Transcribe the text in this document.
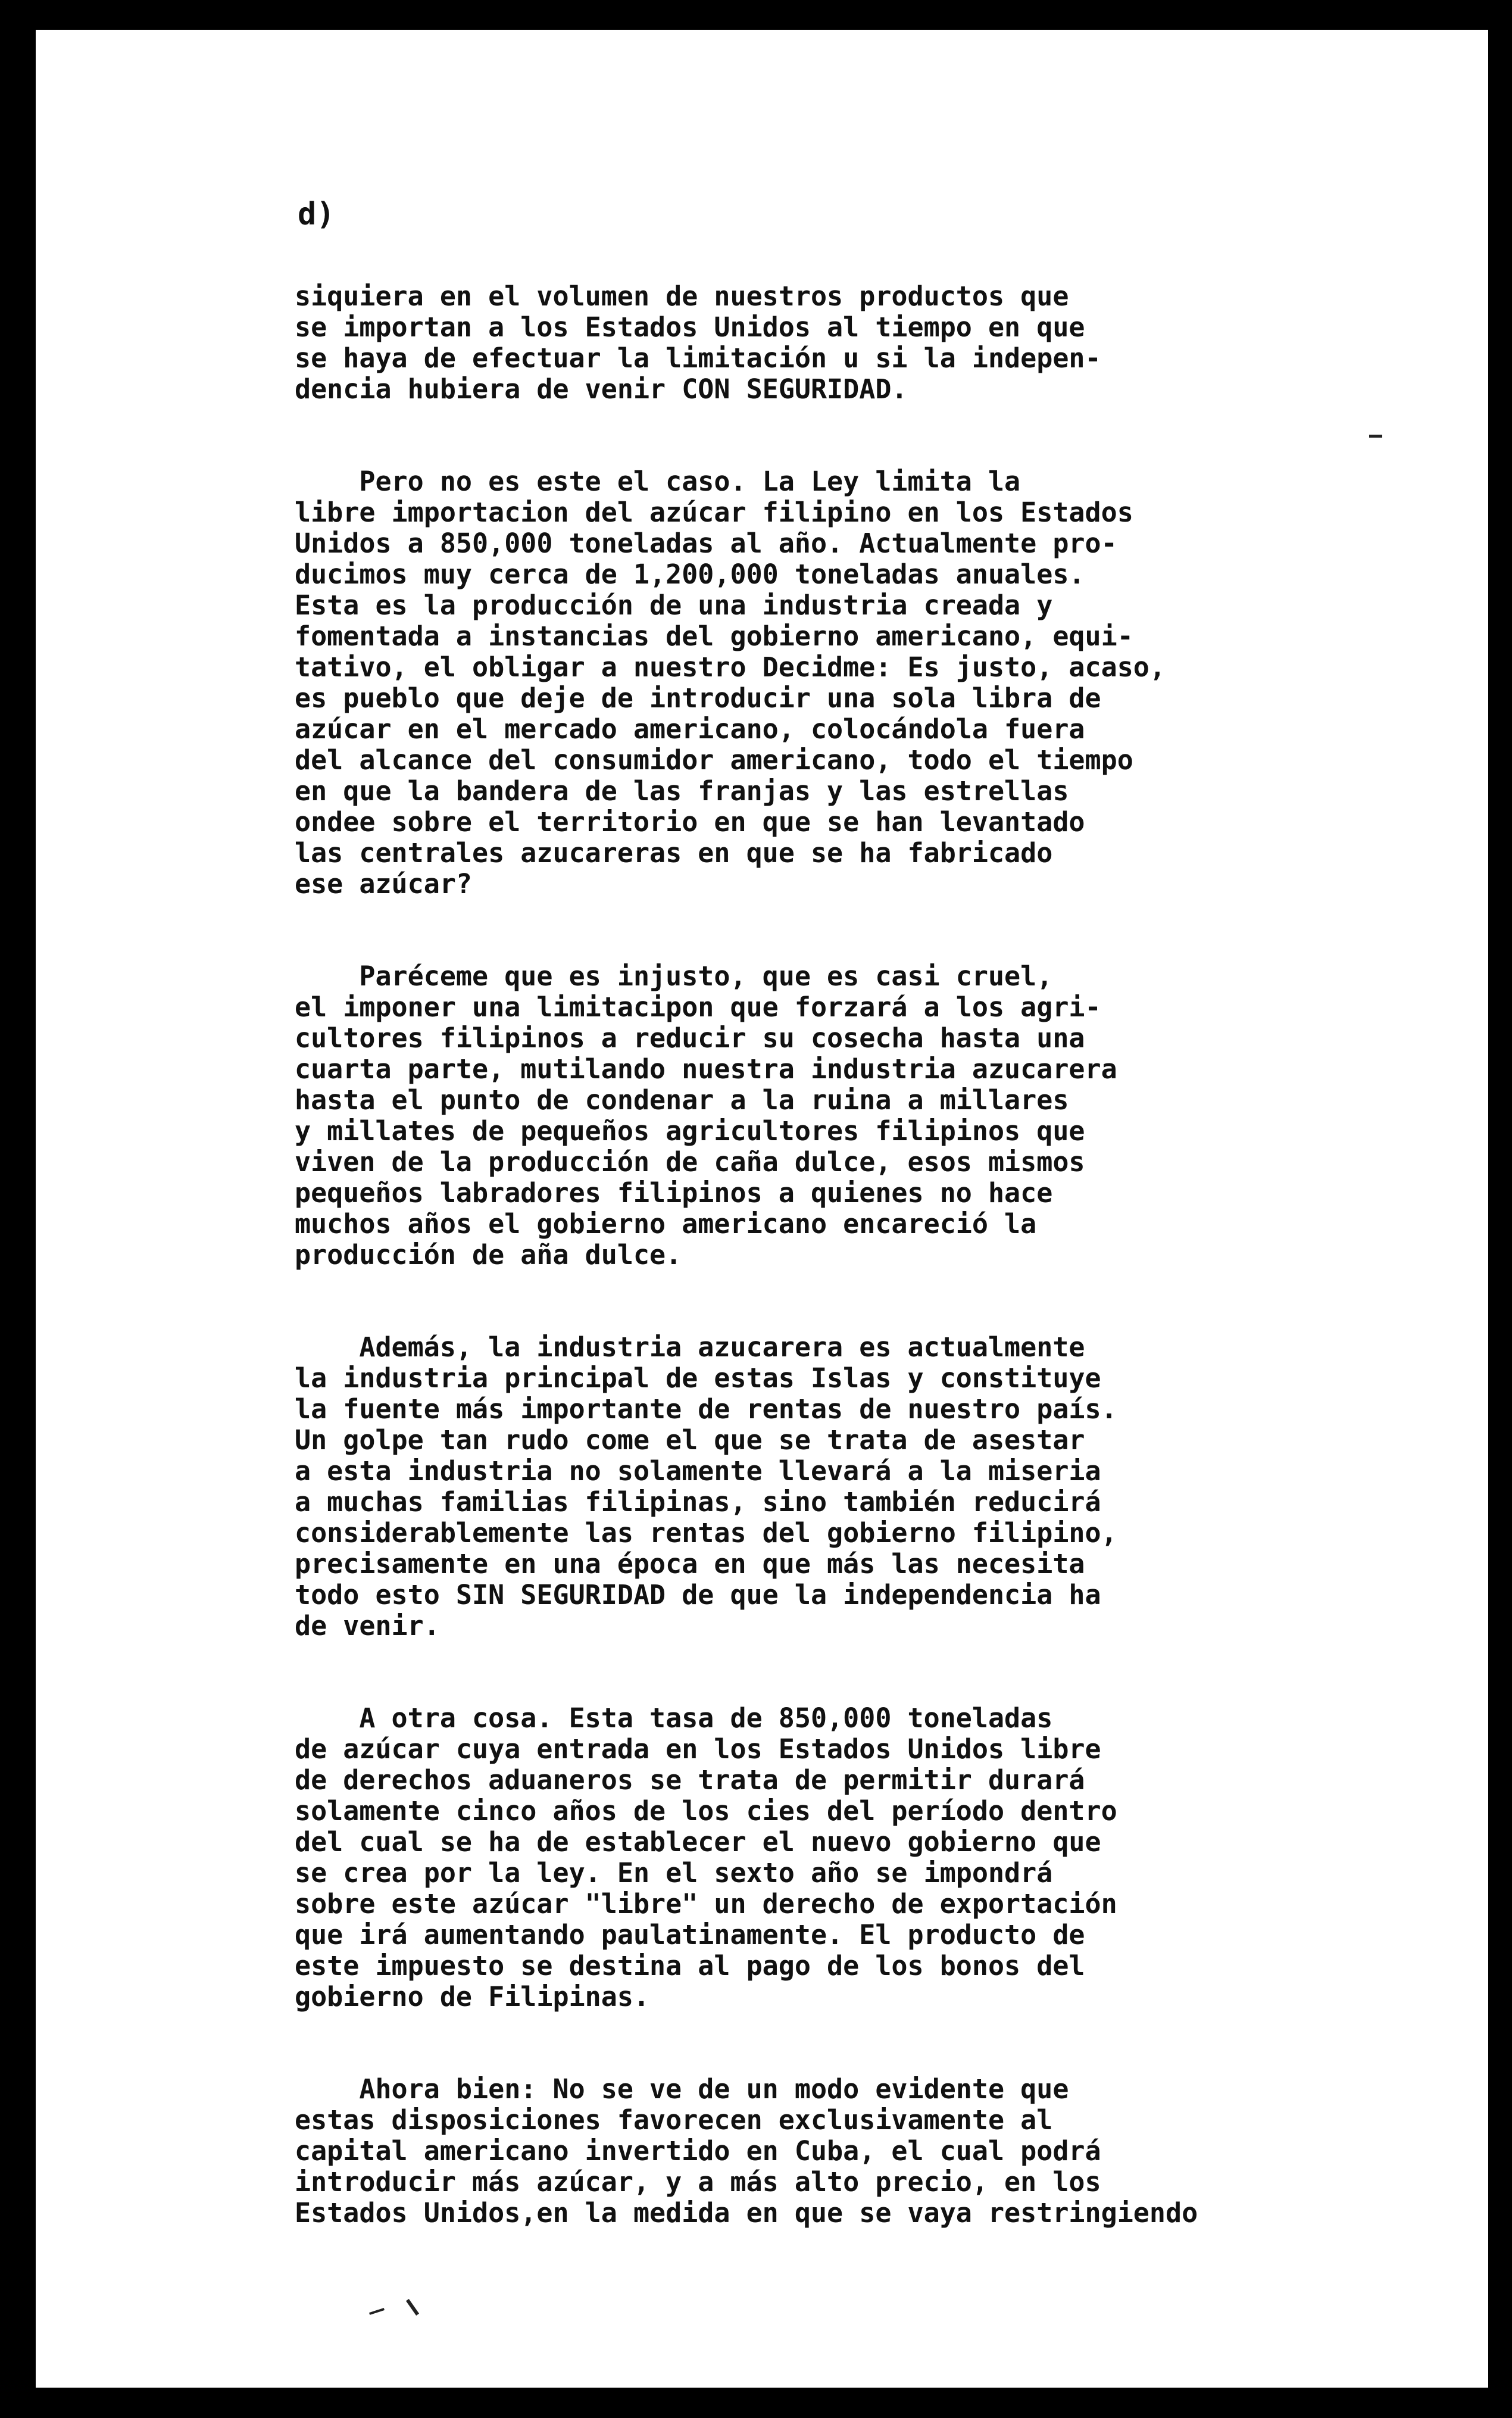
d)
siquiera en el volumen de nuestros productos que
se importan a los Estados Unidos al tiempo en que
se haya de efectuar la limitación u si la indepen-
dencia hubiera de venir CON SEGURIDAD.
Pero no es este el caso. La Ley limita la
libre importacion del azúcar filipino en los Estados
Unidos a 850,000 toneladas al año. Actualmente pro-
ducimos muy cerca de 1,200,000 toneladas anuales.
Esta es la producción de una industria creada y
fomentada a instancias del gobierno americano, equi-
tativo, el obligar a nuestro Decidme: Es justo, acaso,
es pueblo que deje de introducir una sola libra de
azúcar en el mercado americano, colocándola fuera
del alcance del consumidor americano, todo el tiempo
en que la bandera de las franjas y las estrellas
ondee sobre el territorio en que se han levantado
las centrales azucareras en que se ha fabricado
ese azúcar?
Paréceme que es injusto, que es casi cruel,
el imponer una limitacipon que forzará a los agri-
cultores filipinos a reducir su cosecha hasta una
cuarta parte, mutilando nuestra industria azucarera
hasta el punto de condenar a la ruina a millares
y millates de pequeños agricultores filipinos que
viven de la producción de caña dulce, esos mismos
pequeños labradores filipinos a quienes no hace
muchos años el gobierno americano encareció la
producción de aña dulce.
Además, la industria azucarera es actualmente
la industria principal de estas Islas y constituye
la fuente más importante de rentas de nuestro país.
Un golpe tan rudo come el que se trata de asestar
a esta industria no solamente llevará a la miseria
a muchas familias filipinas, sino también reducirá
considerablemente las rentas del gobierno filipino,
precisamente en una época en que más las necesita
todo esto SIN SEGURIDAD de que la independencia ha
de venir.
A otra cosa. Esta tasa de 850,000 toneladas
de azúcar cuya entrada en los Estados Unidos libre
de derechos aduaneros se trata de permitir durará
solamente cinco años de los cies del período dentro
del cual se ha de establecer el nuevo gobierno que
se crea por la ley. En el sexto año se impondrá
sobre este azúcar "libre" un derecho de exportación
que irá aumentando paulatinamente. El producto de
este impuesto se destina al pago de los bonos del
gobierno de Filipinas.
Ahora bien: No se ve de un modo evidente que
estas disposiciones favorecen exclusivamente al
capital americano invertido en Cuba, el cual podrá
introducir más azúcar, y a más alto precio, en los
Estados Unidos,en la medida en que se vaya restringiendo
